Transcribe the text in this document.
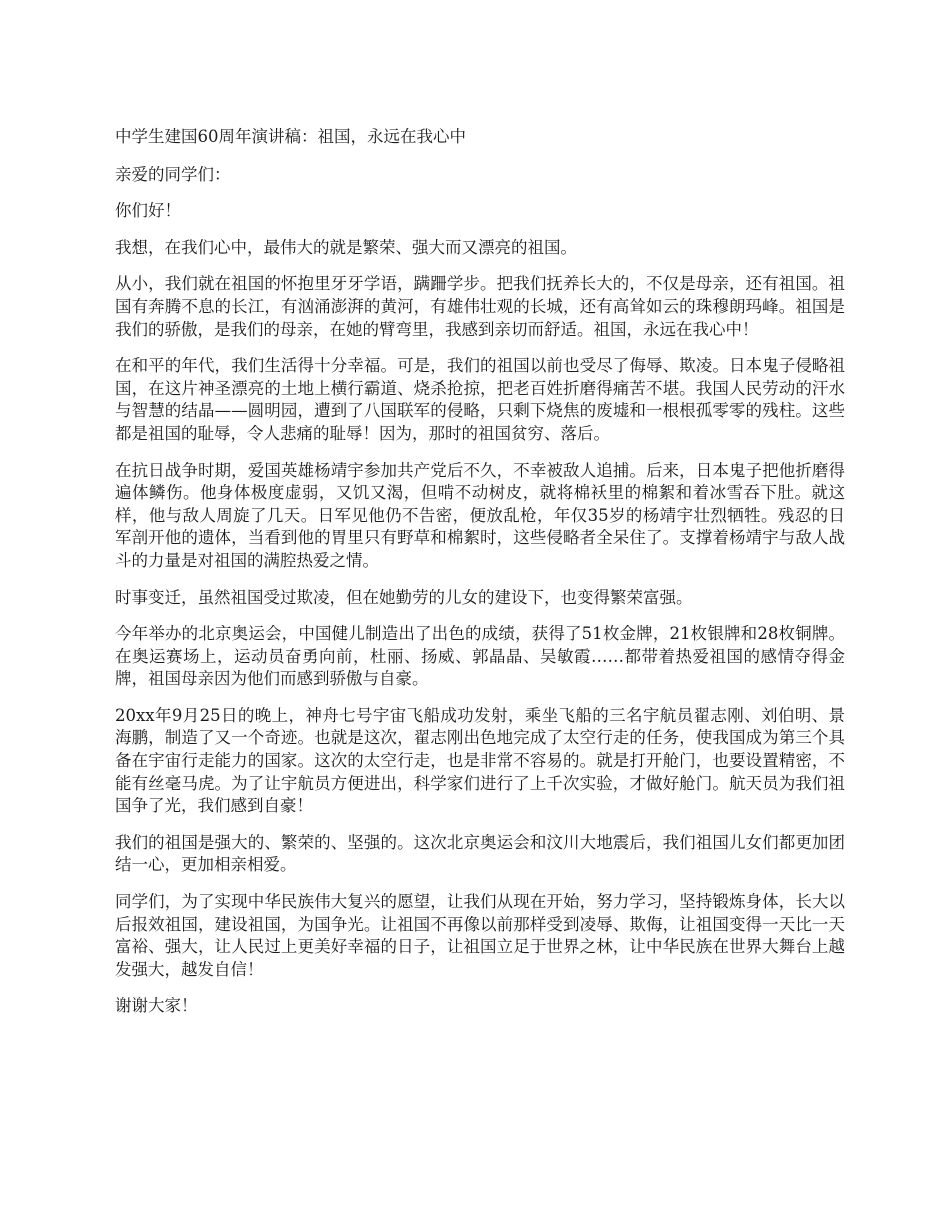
中学生建国60周年演讲稿：祖国，永远在我心中

亲爱的同学们：

你们好！

我想，在我们心中，最伟大的就是繁荣、强大而又漂亮的祖国。

从小，我们就在祖国的怀抱里牙牙学语，蹒跚学步。把我们抚养长大的，不仅是母亲，还有祖国。祖国有奔腾不息的长江，有汹涌澎湃的黄河，有雄伟壮观的长城，还有高耸如云的珠穆朗玛峰。祖国是我们的骄傲，是我们的母亲，在她的臂弯里，我感到亲切而舒适。祖国，永远在我心中！

在和平的年代，我们生活得十分幸福。可是，我们的祖国以前也受尽了侮辱、欺凌。日本鬼子侵略祖国，在这片神圣漂亮的土地上横行霸道、烧杀抢掠，把老百姓折磨得痛苦不堪。我国人民劳动的汗水与智慧的结晶——圆明园，遭到了八国联军的侵略，只剩下烧焦的废墟和一根根孤零零的残柱。这些都是祖国的耻辱，令人悲痛的耻辱！因为，那时的祖国贫穷、落后。

在抗日战争时期，爱国英雄杨靖宇参加共产党后不久，不幸被敌人追捕。后来，日本鬼子把他折磨得遍体鳞伤。他身体极度虚弱，又饥又渴，但啃不动树皮，就将棉袄里的棉絮和着冰雪吞下肚。就这样，他与敌人周旋了几天。日军见他仍不告密，便放乱枪，年仅35岁的杨靖宇壮烈牺牲。残忍的日军剖开他的遗体，当看到他的胃里只有野草和棉絮时，这些侵略者全呆住了。支撑着杨靖宇与敌人战斗的力量是对祖国的满腔热爱之情。

时事变迁，虽然祖国受过欺凌，但在她勤劳的儿女的建设下，也变得繁荣富强。

今年举办的北京奥运会，中国健儿制造出了出色的成绩，获得了51枚金牌，21枚银牌和28枚铜牌。在奥运赛场上，运动员奋勇向前，杜丽、扬威、郭晶晶、吴敏霞……都带着热爱祖国的感情夺得金牌，祖国母亲因为他们而感到骄傲与自豪。

20xx年9月25日的晚上，神舟七号宇宙飞船成功发射，乘坐飞船的三名宇航员翟志刚、刘伯明、景海鹏，制造了又一个奇迹。也就是这次，翟志刚出色地完成了太空行走的任务，使我国成为第三个具备在宇宙行走能力的国家。这次的太空行走，也是非常不容易的。就是打开舱门，也要设置精密，不能有丝毫马虎。为了让宇航员方便进出，科学家们进行了上千次实验，才做好舱门。航天员为我们祖国争了光，我们感到自豪！

我们的祖国是强大的、繁荣的、坚强的。这次北京奥运会和汶川大地震后，我们祖国儿女们都更加团结一心，更加相亲相爱。

同学们，为了实现中华民族伟大复兴的愿望，让我们从现在开始，努力学习，坚持锻炼身体，长大以后报效祖国，建设祖国，为国争光。让祖国不再像以前那样受到凌辱、欺侮，让祖国变得一天比一天富裕、强大，让人民过上更美好幸福的日子，让祖国立足于世界之林，让中华民族在世界大舞台上越发强大，越发自信！

谢谢大家！
